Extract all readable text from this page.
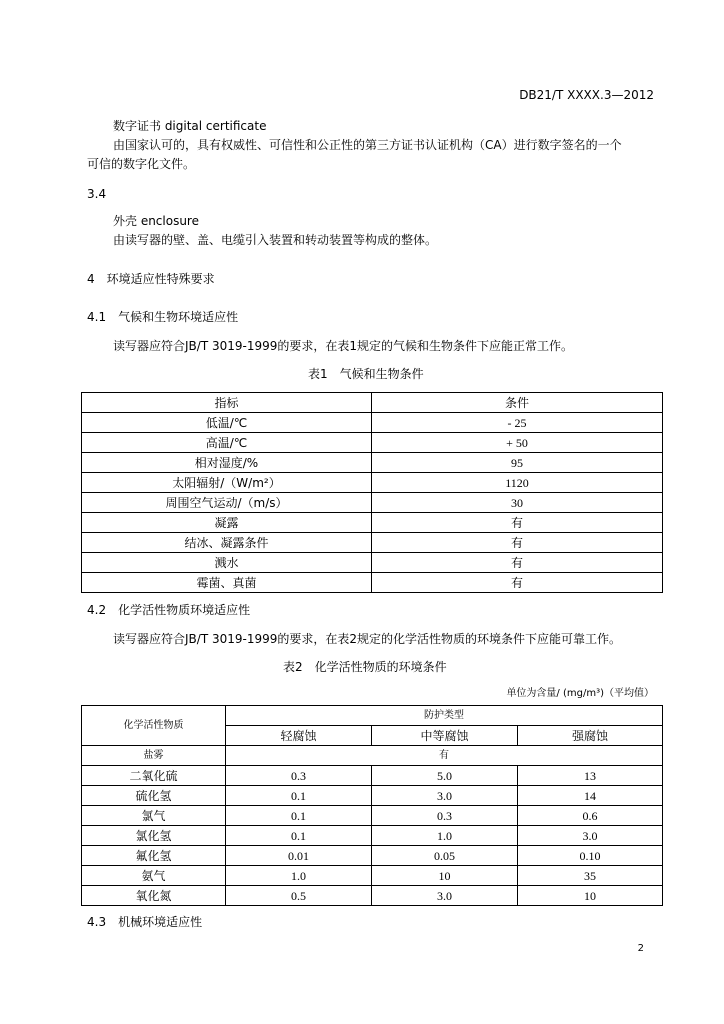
DB21/T XXXX.3—2012
数字证书 digital certificate
由国家认可的，具有权威性、可信性和公正性的第三方证书认证机构（CA）进行数字签名的一个
可信的数字化文件。
3.4
外壳 enclosure
由读写器的壁、盖、电缆引入装置和转动装置等构成的整体。
4　环境适应性特殊要求
4.1　气候和生物环境适应性
读写器应符合JB/T 3019-1999的要求，在表1规定的气候和生物条件下应能正常工作。
表1　气候和生物条件
指标	条件
低温/℃	- 25
高温/℃	+ 50
相对湿度/%	95
太阳辐射/（W/m²）	1120
周围空气运动/（m/s）	30
凝露	有
结冰、凝露条件	有
溅水	有
霉菌、真菌	有
4.2　化学活性物质环境适应性
读写器应符合JB/T 3019-1999的要求，在表2规定的化学活性物质的环境条件下应能可靠工作。
表2　化学活性物质的环境条件
单位为含量/ (mg/m³)（平均值）
化学活性物质	防护类型		
	轻腐蚀	中等腐蚀	强腐蚀
盐雾	有		
二氧化硫	0.3	5.0	13
硫化氢	0.1	3.0	14
氯气	0.1	0.3	0.6
氯化氢	0.1	1.0	3.0
氟化氢	0.01	0.05	0.10
氨气	1.0	10	35
氧化氮	0.5	3.0	10
4.3　机械环境适应性
2
